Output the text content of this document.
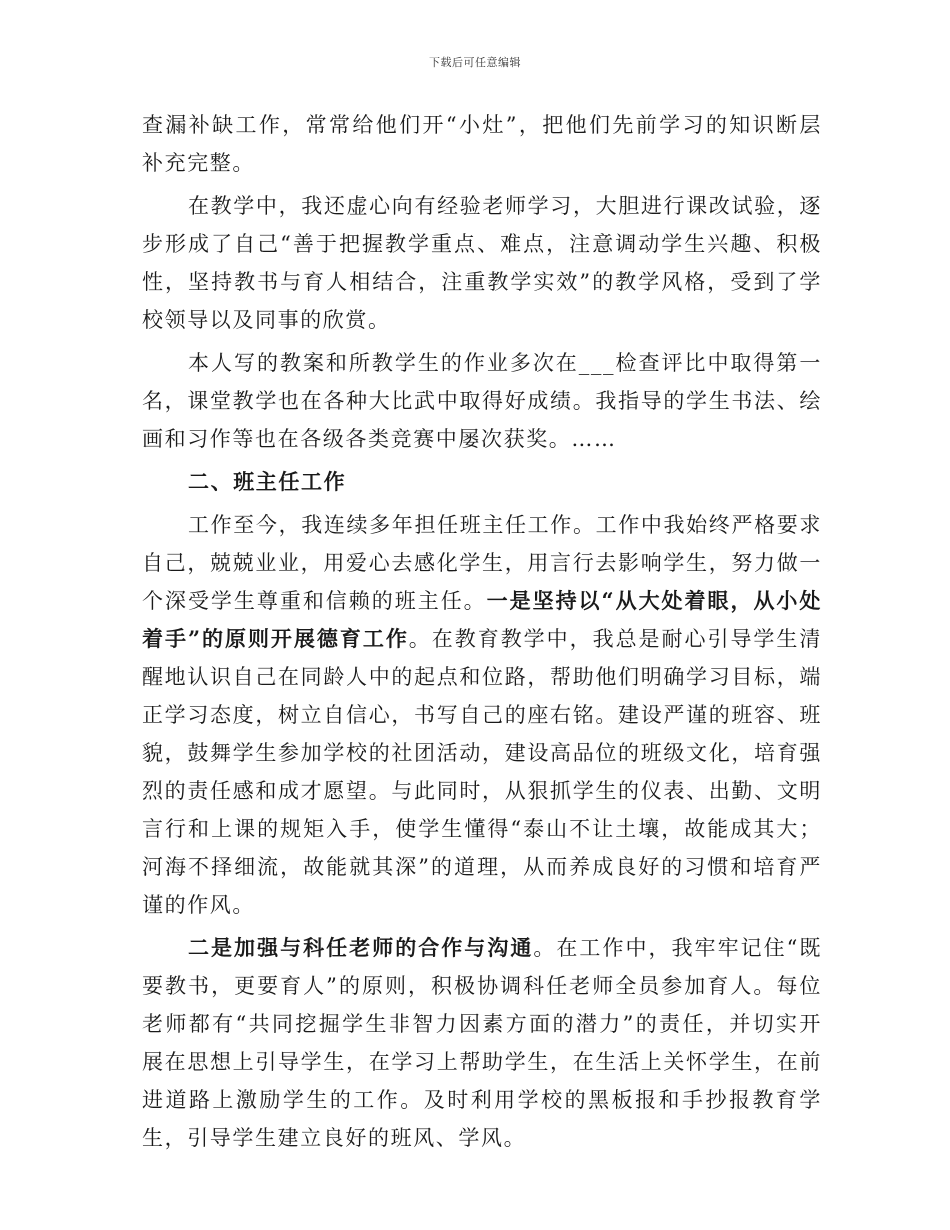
下载后可任意编辑

查漏补缺工作，常常给他们开“小灶”，把他们先前学习的知识断层补充完整。

在教学中，我还虚心向有经验老师学习，大胆进行课改试验，逐步形成了自己“善于把握教学重点、难点，注意调动学生兴趣、积极性，坚持教书与育人相结合，注重教学实效”的教学风格，受到了学校领导以及同事的欣赏。

本人写的教案和所教学生的作业多次在___检查评比中取得第一名，课堂教学也在各种大比武中取得好成绩。我指导的学生书法、绘画和习作等也在各级各类竞赛中屡次获奖。……

二、班主任工作

工作至今，我连续多年担任班主任工作。工作中我始终严格要求自己，兢兢业业，用爱心去感化学生，用言行去影响学生，努力做一个深受学生尊重和信赖的班主任。一是坚持以“从大处着眼，从小处着手”的原则开展德育工作。在教育教学中，我总是耐心引导学生清醒地认识自己在同龄人中的起点和位路，帮助他们明确学习目标，端正学习态度，树立自信心，书写自己的座右铭。建设严谨的班容、班貌，鼓舞学生参加学校的社团活动，建设高品位的班级文化，培育强烈的责任感和成才愿望。与此同时，从狠抓学生的仪表、出勤、文明言行和上课的规矩入手，使学生懂得“泰山不让土壤，故能成其大；河海不择细流，故能就其深”的道理，从而养成良好的习惯和培育严谨的作风。

二是加强与科任老师的合作与沟通。在工作中，我牢牢记住“既要教书，更要育人”的原则，积极协调科任老师全员参加育人。每位老师都有“共同挖掘学生非智力因素方面的潜力”的责任，并切实开展在思想上引导学生，在学习上帮助学生，在生活上关怀学生，在前进道路上激励学生的工作。及时利用学校的黑板报和手抄报教育学生，引导学生建立良好的班风、学风。
